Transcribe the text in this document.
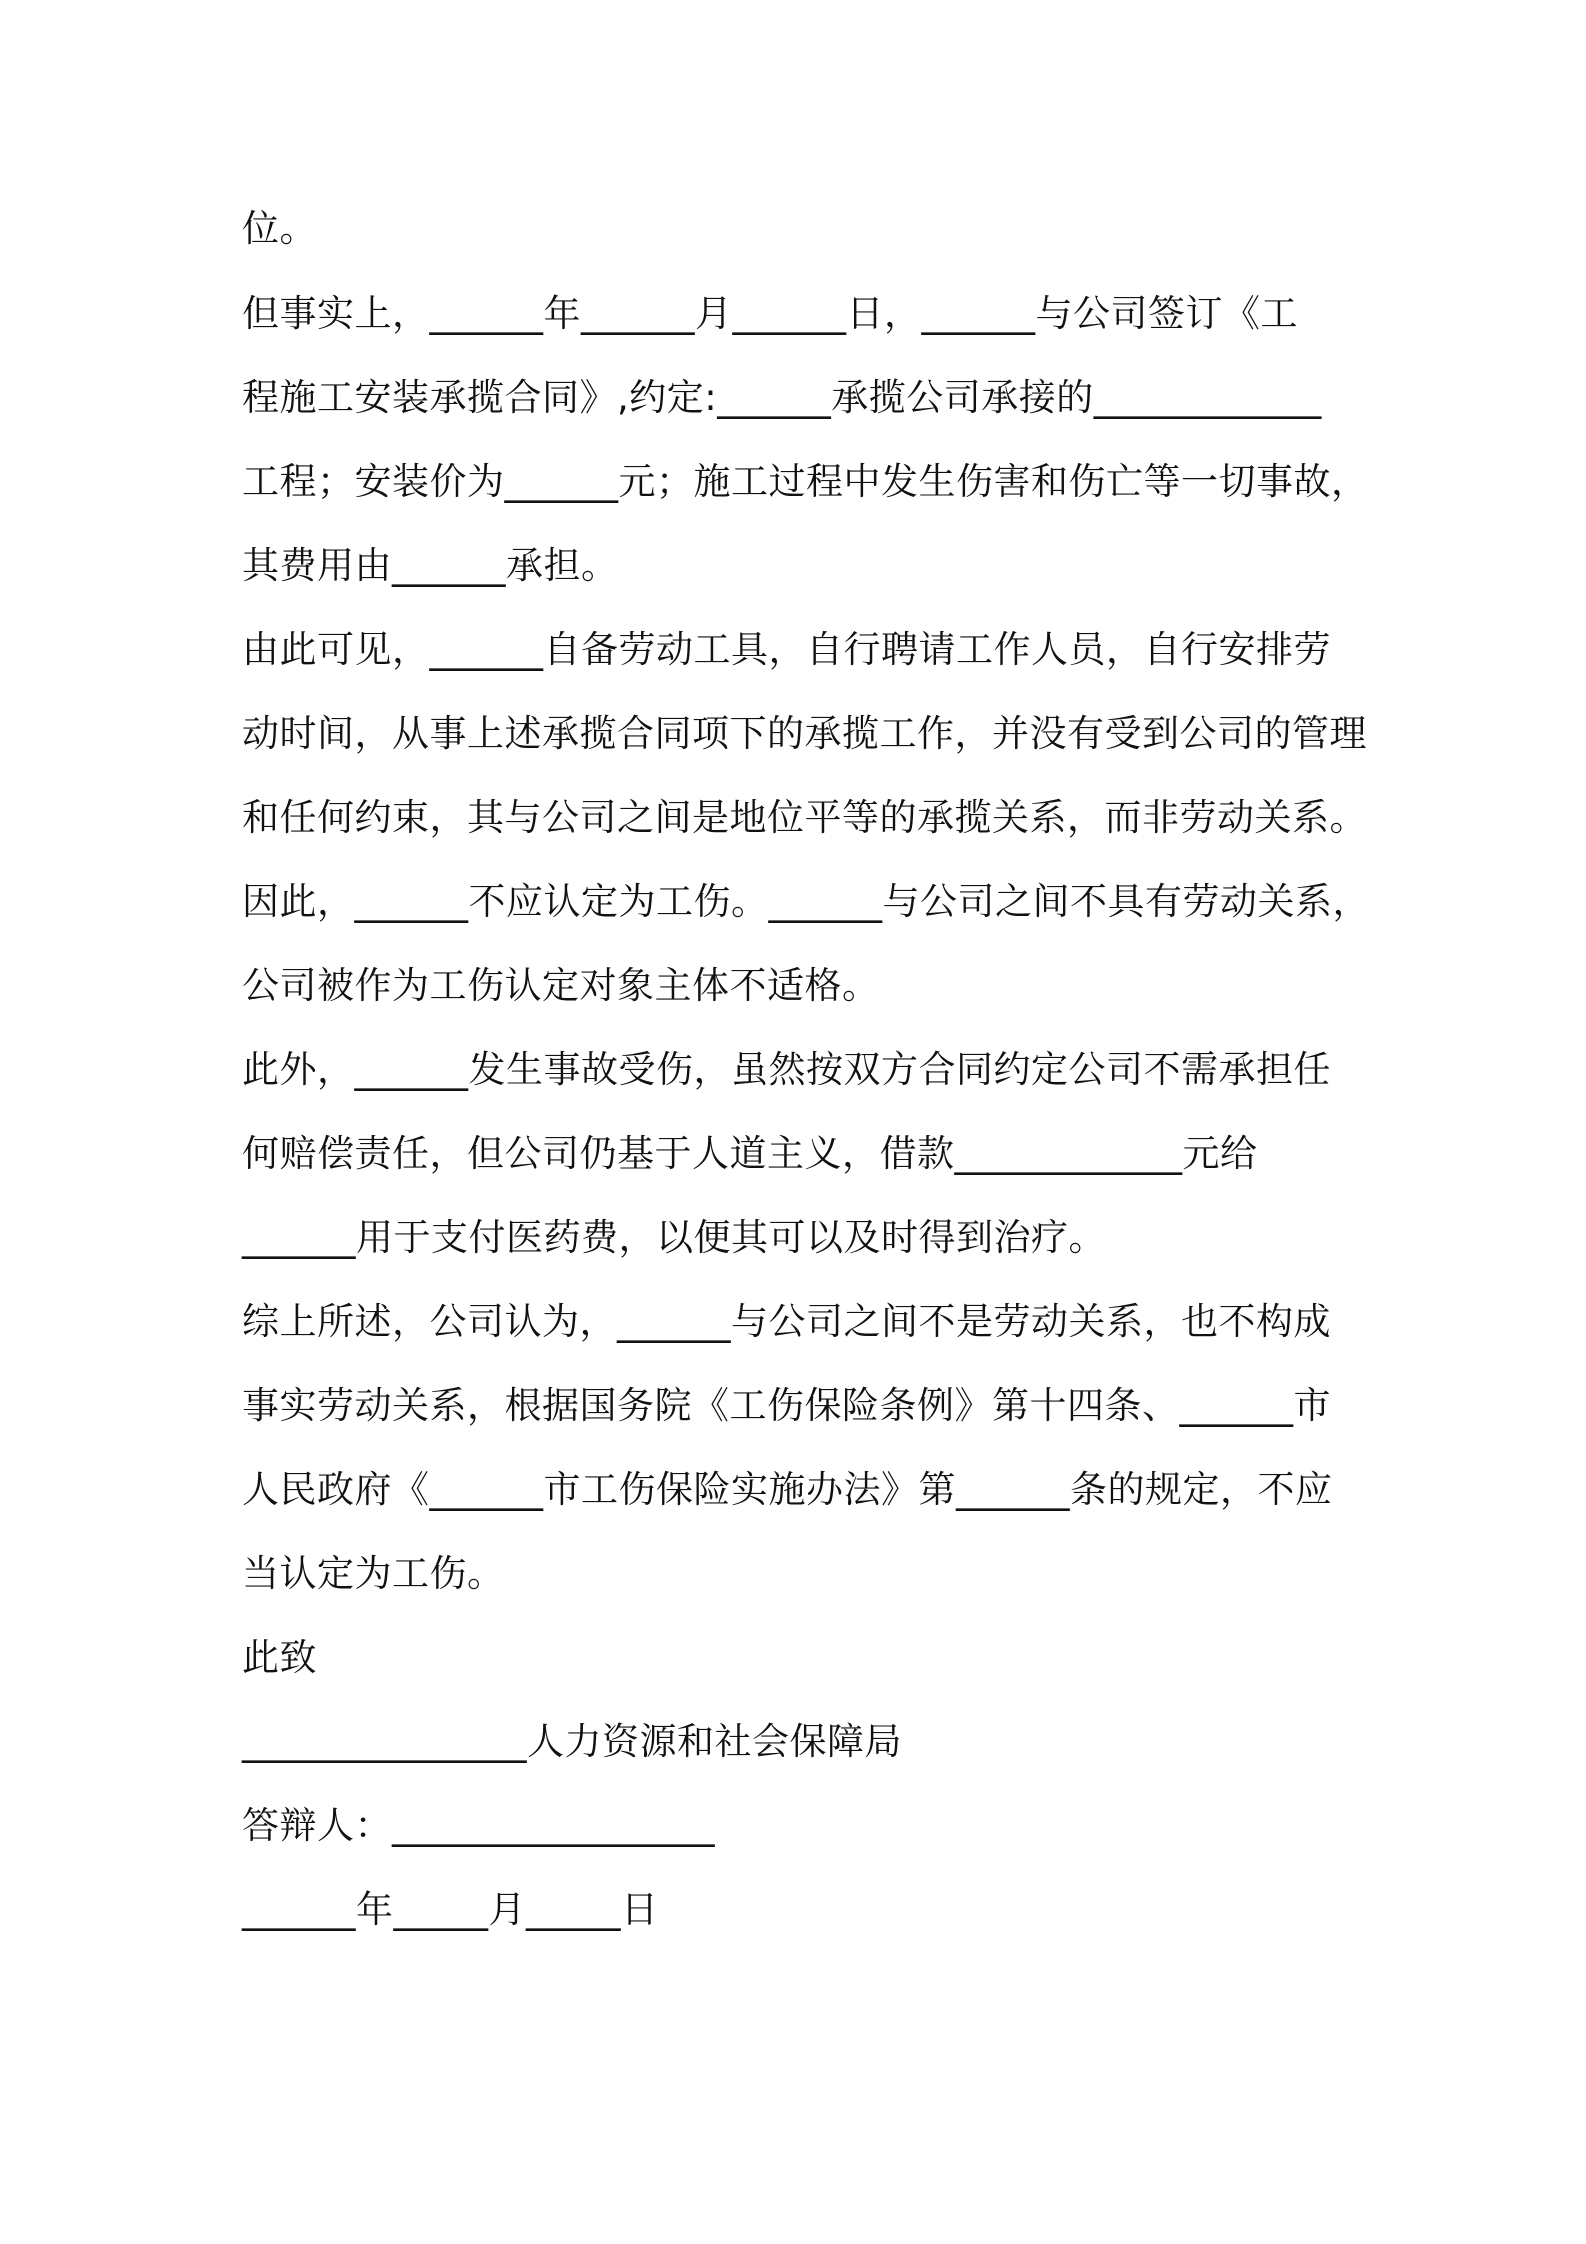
位。
但事实上，______年______月______日，______与公司签订《工
程施工安装承揽合同》,约定:______承揽公司承接的____________
工程；安装价为______元；施工过程中发生伤害和伤亡等一切事故，
其费用由______承担。
由此可见，______自备劳动工具，自行聘请工作人员，自行安排劳
动时间，从事上述承揽合同项下的承揽工作，并没有受到公司的管理
和任何约束，其与公司之间是地位平等的承揽关系，而非劳动关系。
因此，______不应认定为工伤。______与公司之间不具有劳动关系，
公司被作为工伤认定对象主体不适格。
此外，______发生事故受伤，虽然按双方合同约定公司不需承担任
何赔偿责任，但公司仍基于人道主义，借款____________元给
______用于支付医药费，以便其可以及时得到治疗。
综上所述，公司认为，______与公司之间不是劳动关系，也不构成
事实劳动关系，根据国务院《工伤保险条例》第十四条、______市
人民政府《______市工伤保险实施办法》第______条的规定，不应
当认定为工伤。
此致
_______________人力资源和社会保障局
答辩人：_________________
______年_____月_____日
